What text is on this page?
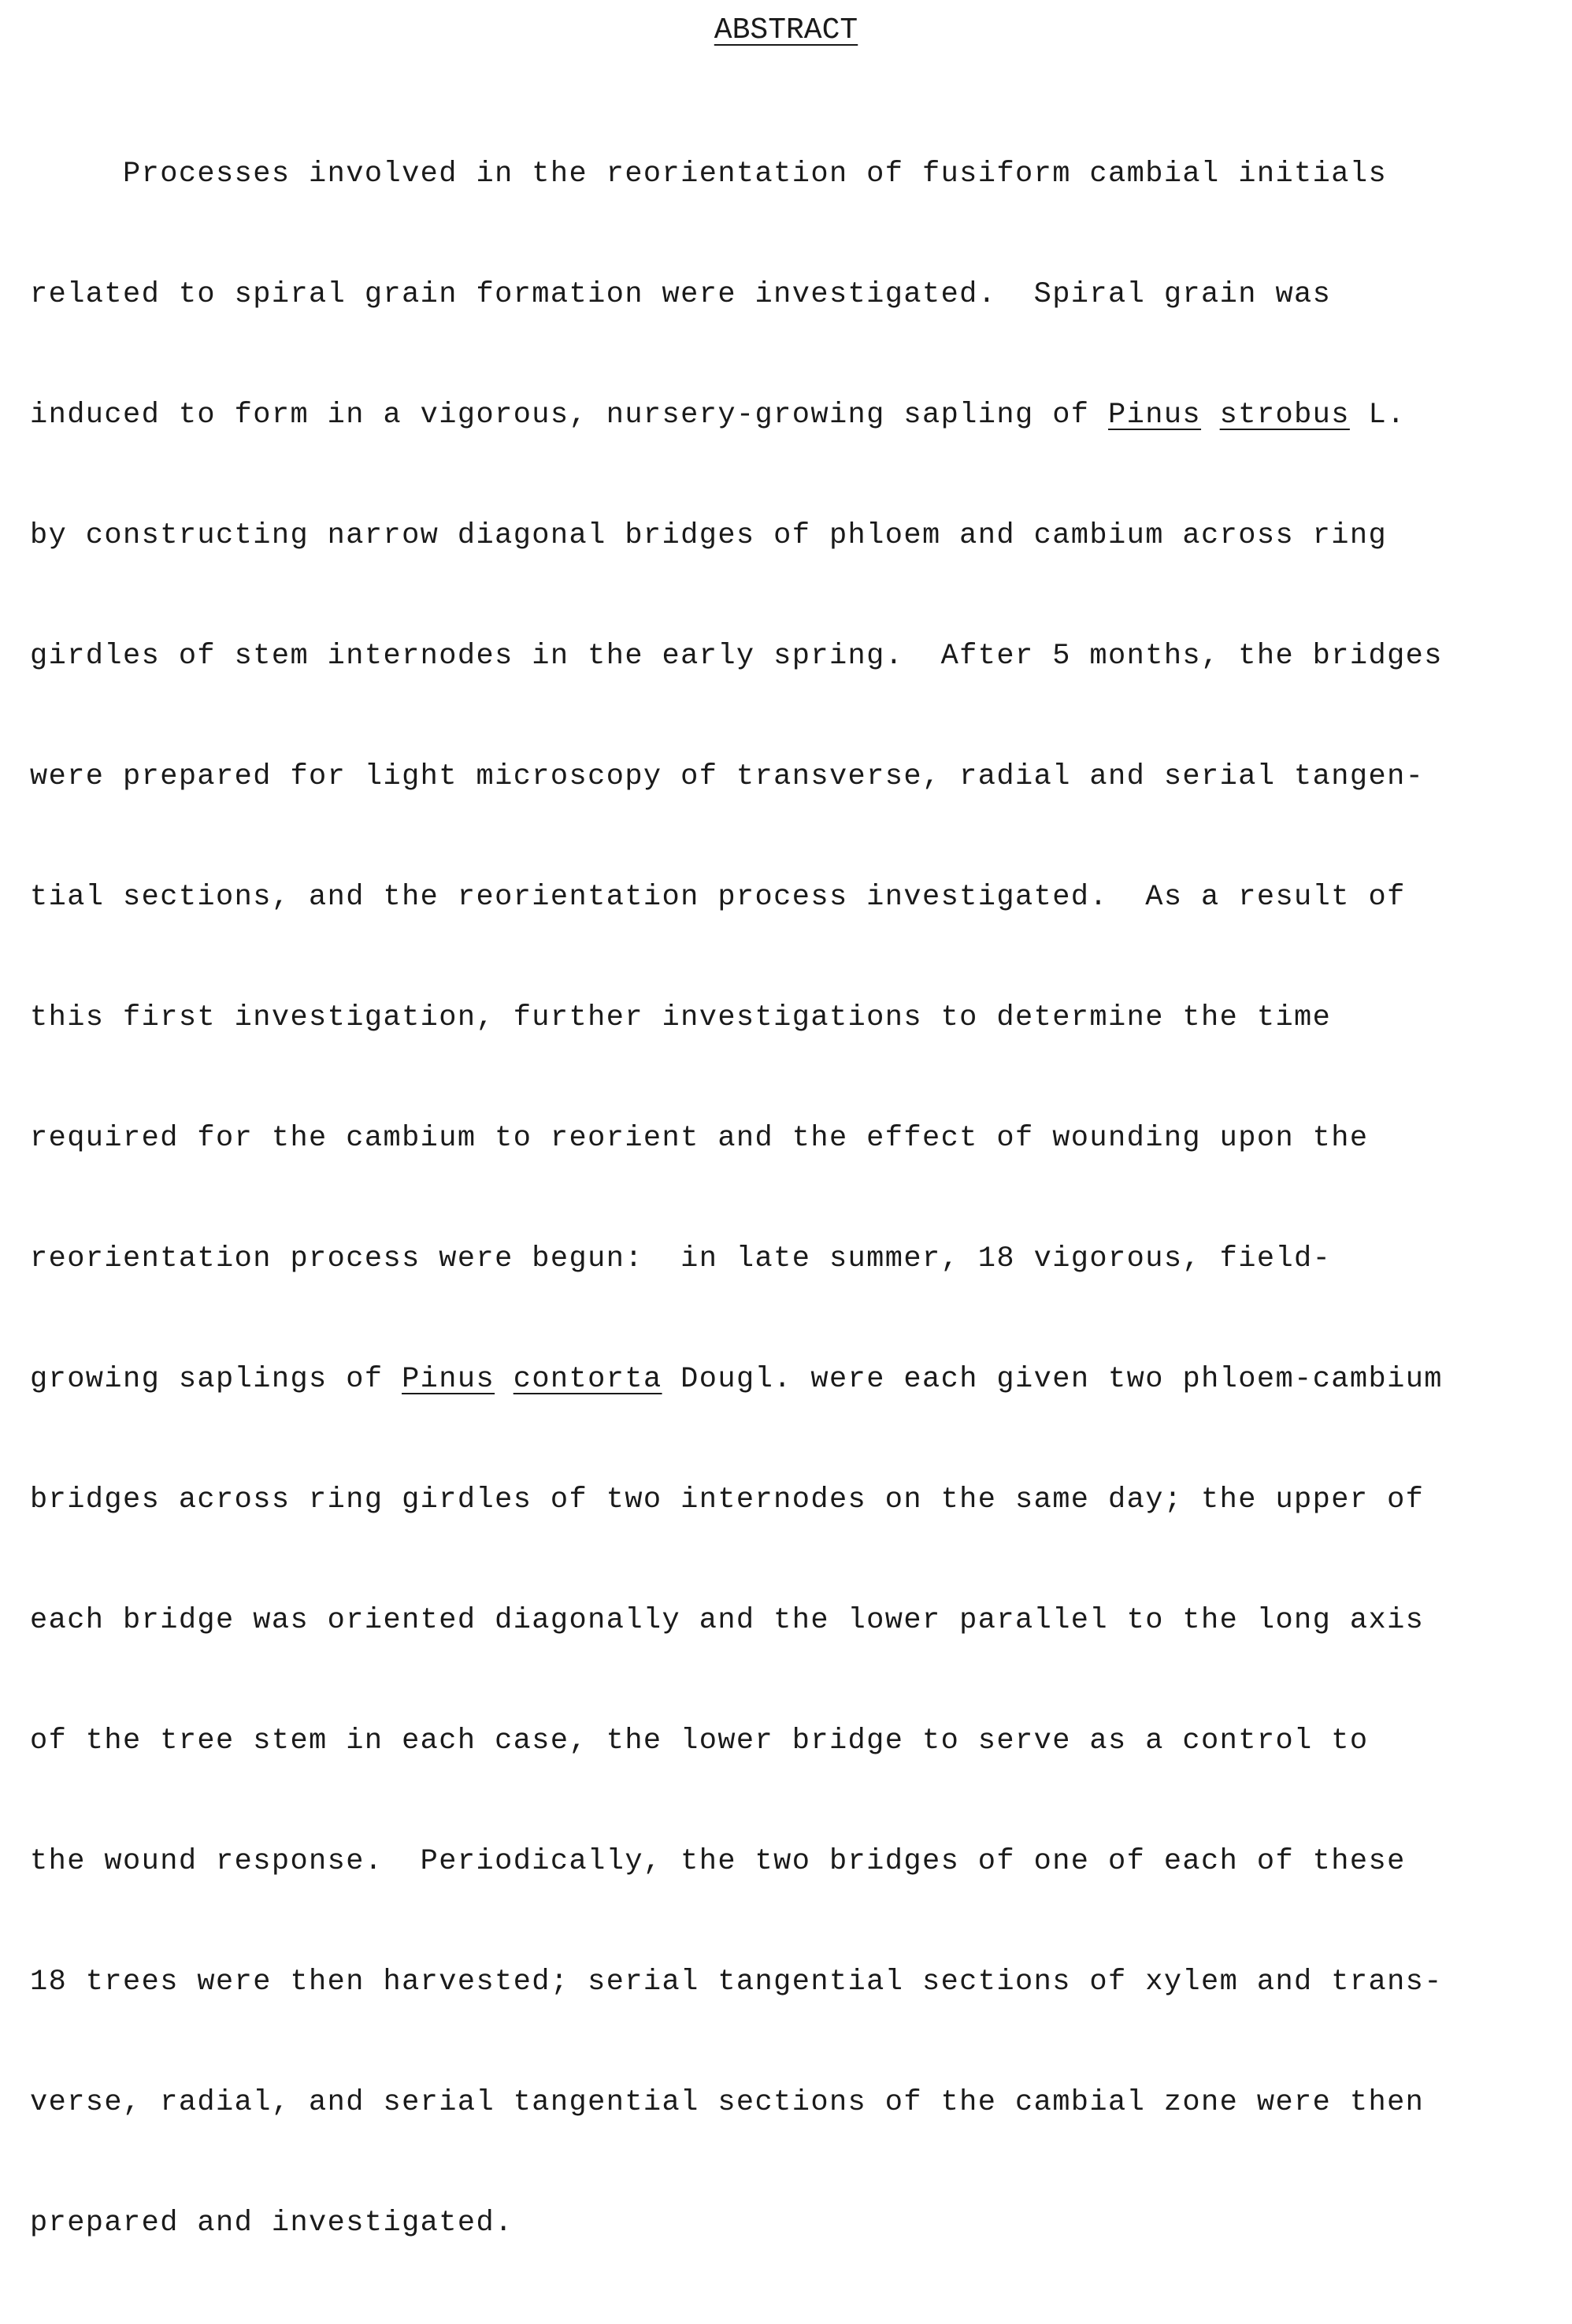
ABSTRACT

Processes involved in the reorientation of fusiform cambial initials

related to spiral grain formation were investigated.  Spiral grain was

induced to form in a vigorous, nursery-growing sapling of Pinus strobus L.

by constructing narrow diagonal bridges of phloem and cambium across ring

girdles of stem internodes in the early spring.  After 5 months, the bridges

were prepared for light microscopy of transverse, radial and serial tangen-

tial sections, and the reorientation process investigated.  As a result of

this first investigation, further investigations to determine the time

required for the cambium to reorient and the effect of wounding upon the

reorientation process were begun:  in late summer, 18 vigorous, field-

growing saplings of Pinus contorta Dougl. were each given two phloem-cambium

bridges across ring girdles of two internodes on the same day; the upper of

each bridge was oriented diagonally and the lower parallel to the long axis

of the tree stem in each case, the lower bridge to serve as a control to

the wound response.  Periodically, the two bridges of one of each of these

18 trees were then harvested; serial tangential sections of xylem and trans-

verse, radial, and serial tangential sections of the cambial zone were then

prepared and investigated.
